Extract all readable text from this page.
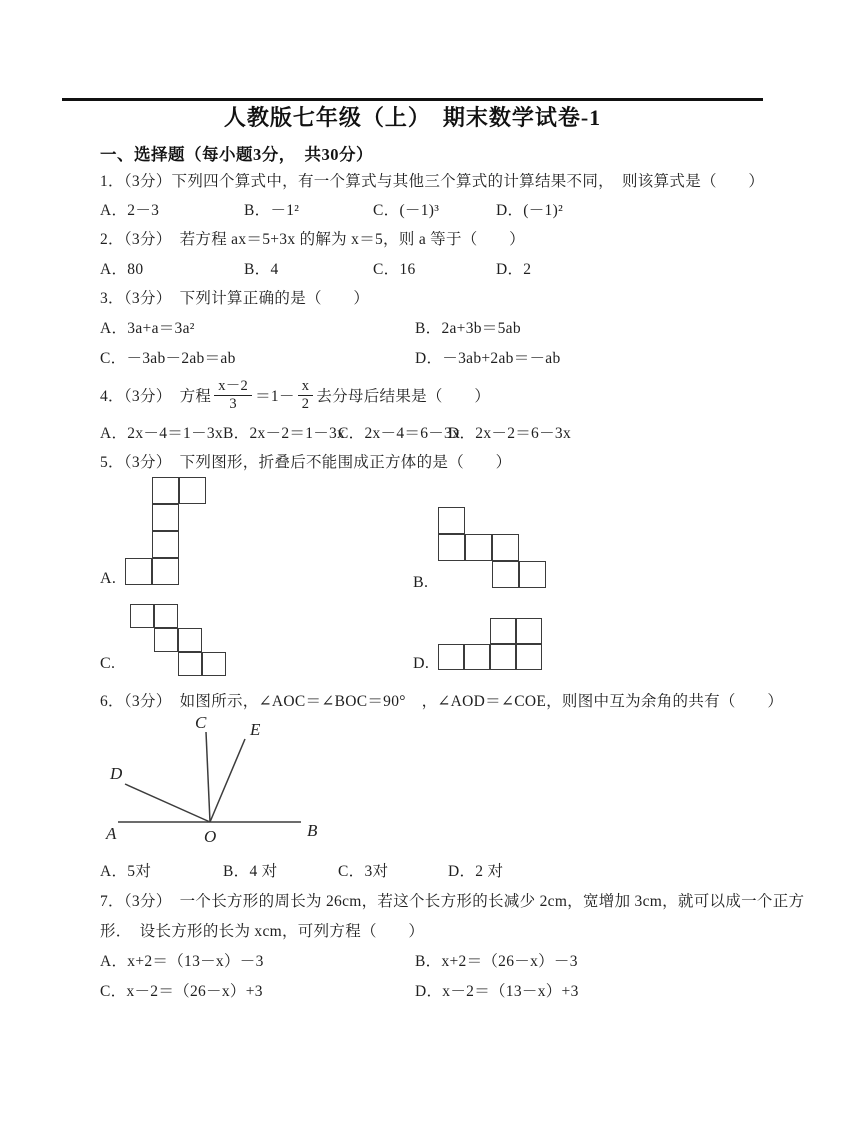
人教版七年级（上）　期末数学试卷-1
一、选择题（每小题3分，　共30分）
1．（3分）下列四个算式中，有一个算式与其他三个算式的计算结果不同，　则该算式是（　　）
A．2－3	B．－1²	C．(－1)³	D．(－1)²
2．（3分）　若方程 ax＝5+3x 的解为 x＝5，则 a 等于（　　）
A．80	B．4	C．16	D．2
3．（3分）　下列计算正确的是（　　）
A．3a+a＝3a²	B．2a+3b＝5ab
C．－3ab－2ab＝ab	D．－3ab+2ab＝－ab
4．（3分）　方程 $\frac{x-2}{3} =1- \frac{x}{2}$ 去分母后结果是（　　）
A．2x－4＝1－3x B．2x－2＝1－3x
C．2x－4＝6－3x
D．2x－2＝6－3x
5．（3分）　下列图形，折叠后不能围成正方体的是（　　）
A.	B.
C.	D.
6．（3分）　如图所示，∠AOC＝∠BOC＝90°　，∠AOD＝∠COE，则图中互为余角的共有（　　）
A	O	B
C	E
D
A．5对	B．4 对	C．3对	D．2 对
7．（3分）　一个长方形的周长为 26cm，若这个长方形的长减少 2cm，宽增加 3cm，就可以成一个正方
形．　设长方形的长为 xcm，可列方程（　　）
A．x+2＝（13－x）－3	B．x+2＝（26－x）－3
C．x－2＝（26－x）+3	D．x－2＝（13－x）+3
